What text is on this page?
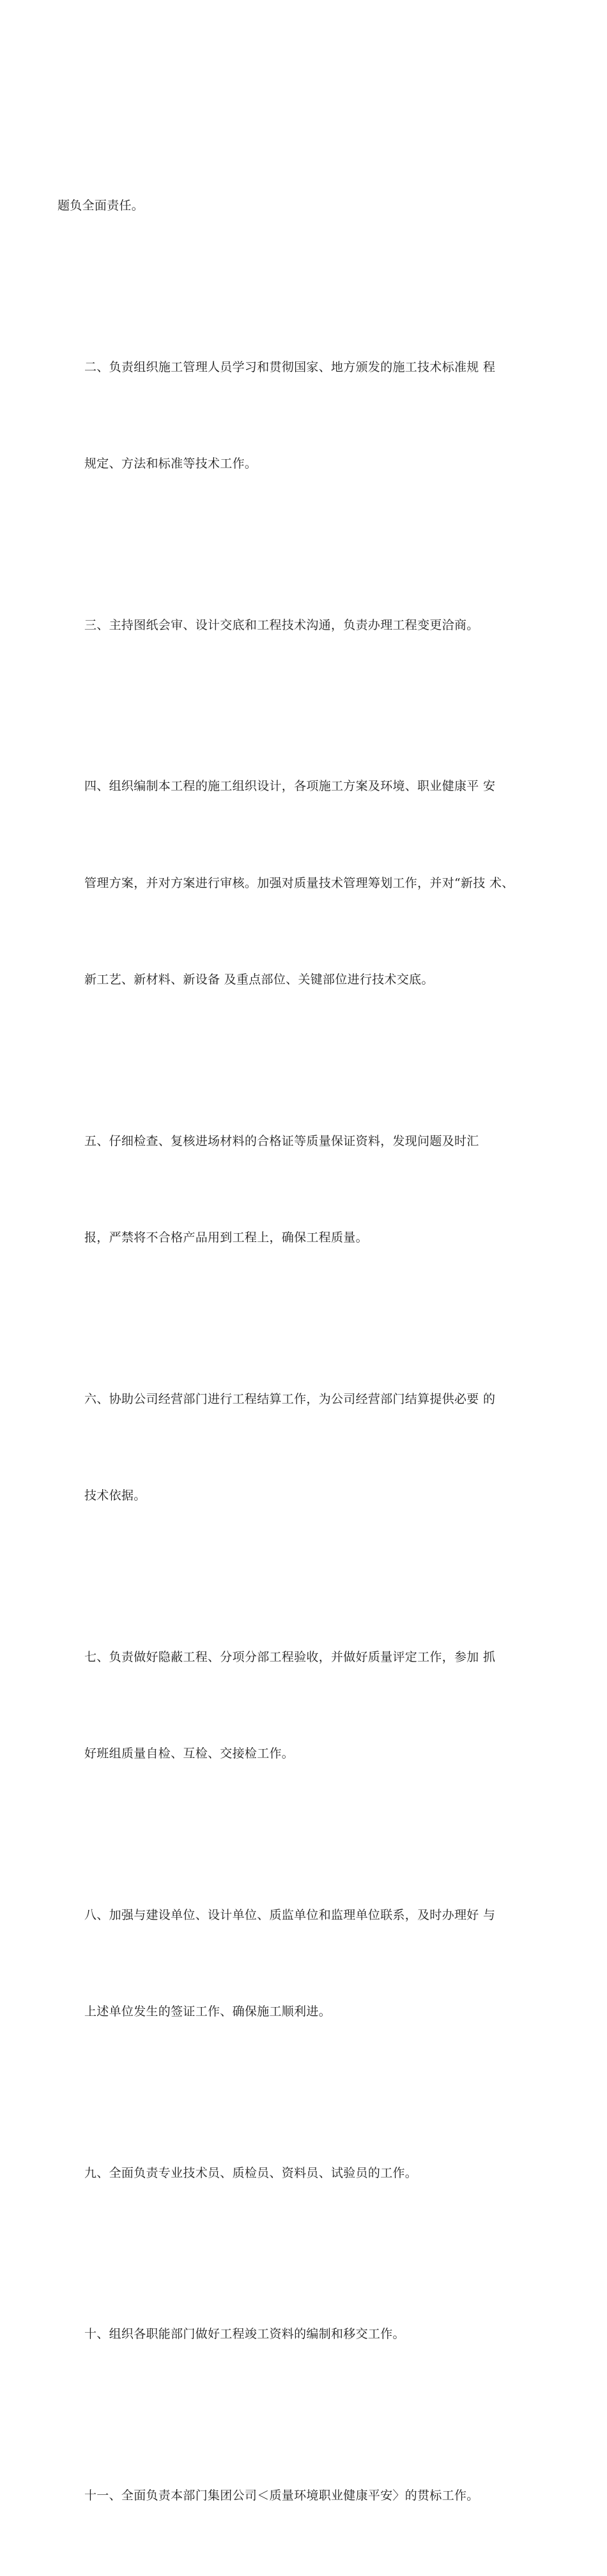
题负全面责任。

二、负责组织施工管理人员学习和贯彻国家、地方颁发的施工技术标准规 程

规定、方法和标准等技术工作。

三、主持图纸会审、设计交底和工程技术沟通，负责办理工程变更洽商。

四、组织编制本工程的施工组织设计，各项施工方案及环境、职业健康平 安

管理方案，并对方案进行审核。加强对质量技术管理筹划工作，并对“新技 术、

新工艺、新材料、新设备 及重点部位、关键部位进行技术交底。

五、仔细检查、复核进场材料的合格证等质量保证资料，发现问题及时汇

报，严禁将不合格产品用到工程上，确保工程质量。

六、协助公司经营部门进行工程结算工作，为公司经营部门结算提供必要 的

技术依据。

七、负责做好隐蔽工程、分项分部工程验收，并做好质量评定工作，参加 抓

好班组质量自检、互检、交接检工作。

八、加强与建设单位、设计单位、质监单位和监理单位联系，及时办理好 与

上述单位发生的签证工作、确保施工顺利进。

九、全面负责专业技术员、质检员、资料员、试验员的工作。

十、组织各职能部门做好工程竣工资料的编制和移交工作。

十一、全面负责本部门集团公司＜质量环境职业健康平安〉的贯标工作。
